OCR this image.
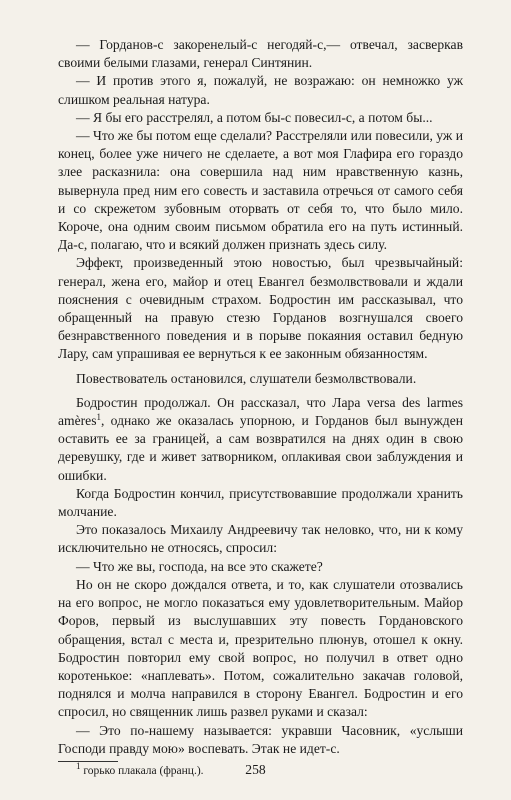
— Горданов-с закоренелый-с негодяй-с,— отвечал, засверкав своими белыми глазами, генерал Синтянин.

— И против этого я, пожалуй, не возражаю: он немножко уж слишком реальная натура.

— Я бы его расстрелял, а потом бы-с повесил-с, а потом бы...

— Что же бы потом еще сделали? Расстреляли или повесили, уж и конец, более уже ничего не сделаете, а вот моя Глафира его гораздо злее расказнила: она совершила над ним нравственную казнь, вывернула пред ним его совесть и заставила отречься от самого себя и со скрежетом зубовным оторвать от себя то, что было мило. Короче, она одним своим письмом обратила его на путь истинный. Да-с, полагаю, что и всякий должен признать здесь силу.

Эффект, произведенный этою новостью, был чрезвычайный: генерал, жена его, майор и отец Евангел безмолвствовали и ждали пояснения с очевидным страхом. Бодростин им рассказывал, что обращенный на правую стезю Горданов возгнушался своего безнравственного поведения и в порыве покаяния оставил бедную Лару, сам упрашивая ее вернуться к ее законным обязанностям.

Повествователь остановился, слушатели безмолвствовали.

Бодростин продолжал. Он рассказал, что Лара versa des larmes amères$^1$, однако же оказалась упорною, и Горданов был вынужден оставить ее за границей, а сам возвратился на днях один в свою деревушку, где и живет затворником, оплакивая свои заблуждения и ошибки.

Когда Бодростин кончил, присутствовавшие продолжали хранить молчание.

Это показалось Михаилу Андреевичу так неловко, что, ни к кому исключительно не относясь, спросил:

— Что же вы, господа, на все это скажете?

Но он не скоро дождался ответа, и то, как слушатели отозвались на его вопрос, не могло показаться ему удовлетворительным. Майор Форов, первый из выслушавших эту повесть Гордановского обращения, встал с места и, презрительно плюнув, отошел к окну. Бодростин повторил ему свой вопрос, но получил в ответ одно коротенькое: «наплевать». Потом, сожалительно закачав головой, поднялся и молча направился в сторону Евангел. Бодростин и его спросил, но священник лишь развел руками и сказал:

— Это по-нашему называется: укравши Часовник, «услыши Господи правду мою» воспевать. Этак не идет-с.

$^1$ горько плакала (франц.).	258
